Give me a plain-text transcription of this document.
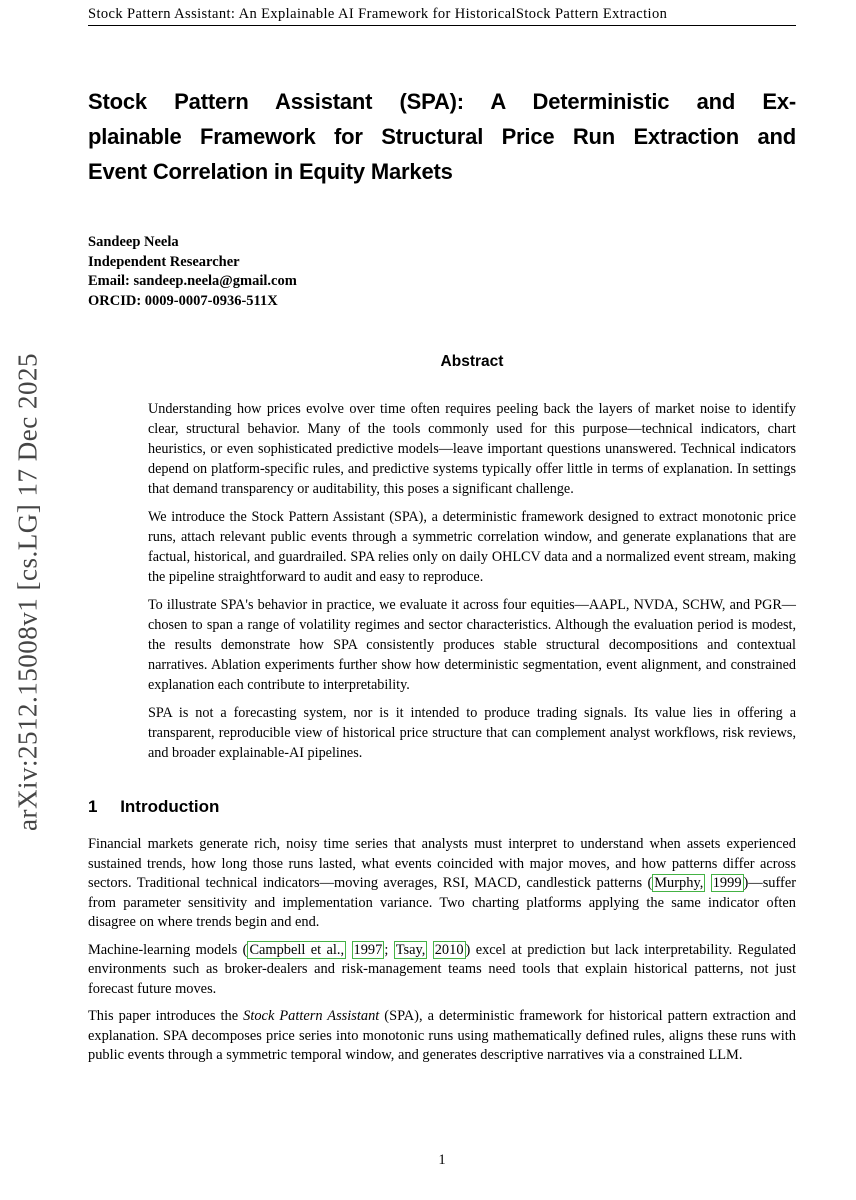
Stock Pattern Assistant: An Explainable AI Framework for HistoricalStock Pattern Extraction
arXiv:2512.15008v1 [cs.LG] 17 Dec 2025
Stock Pattern Assistant (SPA): A Deterministic and Ex-
plainable Framework for Structural Price Run Extraction and
Event Correlation in Equity Markets
Sandeep Neela
Independent Researcher
Email: sandeep.neela@gmail.com
ORCID: 0009-0007-0936-511X
Abstract

Understanding how prices evolve over time often requires peeling back the layers of market noise to identify clear, structural behavior. Many of the tools commonly used for this purpose—technical indicators, chart heuristics, or even sophisticated predictive models—leave important questions unanswered. Technical indicators depend on platform-specific rules, and predictive systems typically offer little in terms of explanation. In settings that demand transparency or auditability, this poses a significant challenge.

We introduce the Stock Pattern Assistant (SPA), a deterministic framework designed to extract monotonic price runs, attach relevant public events through a symmetric correlation window, and generate explanations that are factual, historical, and guardrailed. SPA relies only on daily OHLCV data and a normalized event stream, making the pipeline straightforward to audit and easy to reproduce.

To illustrate SPA's behavior in practice, we evaluate it across four equities—AAPL, NVDA, SCHW, and PGR—chosen to span a range of volatility regimes and sector characteristics. Although the evaluation period is modest, the results demonstrate how SPA consistently produces stable structural decompositions and contextual narratives. Ablation experiments further show how deterministic segmentation, event alignment, and constrained explanation each contribute to interpretability.

SPA is not a forecasting system, nor is it intended to produce trading signals. Its value lies in offering a transparent, reproducible view of historical price structure that can complement analyst workflows, risk reviews, and broader explainable-AI pipelines.

1 Introduction

Financial markets generate rich, noisy time series that analysts must interpret to understand when assets experienced sustained trends, how long those runs lasted, what events coincided with major moves, and how patterns differ across sectors. Traditional technical indicators—moving averages, RSI, MACD, candlestick patterns ( Murphy, 1999 )—suffer from parameter sensitivity and implementation variance. Two charting platforms applying the same indicator often disagree on where trends begin and end.

Machine-learning models ( Campbell et al., 1997 ; Tsay, 2010 ) excel at prediction but lack interpretability. Regulated environments such as broker-dealers and risk-management teams need tools that explain historical patterns, not just forecast future moves.

This paper introduces the Stock Pattern Assistant (SPA), a deterministic framework for historical pattern extraction and explanation. SPA decomposes price series into monotonic runs using mathematically defined rules, aligns these runs with public events through a symmetric temporal window, and generates descriptive narratives via a constrained LLM.

1
